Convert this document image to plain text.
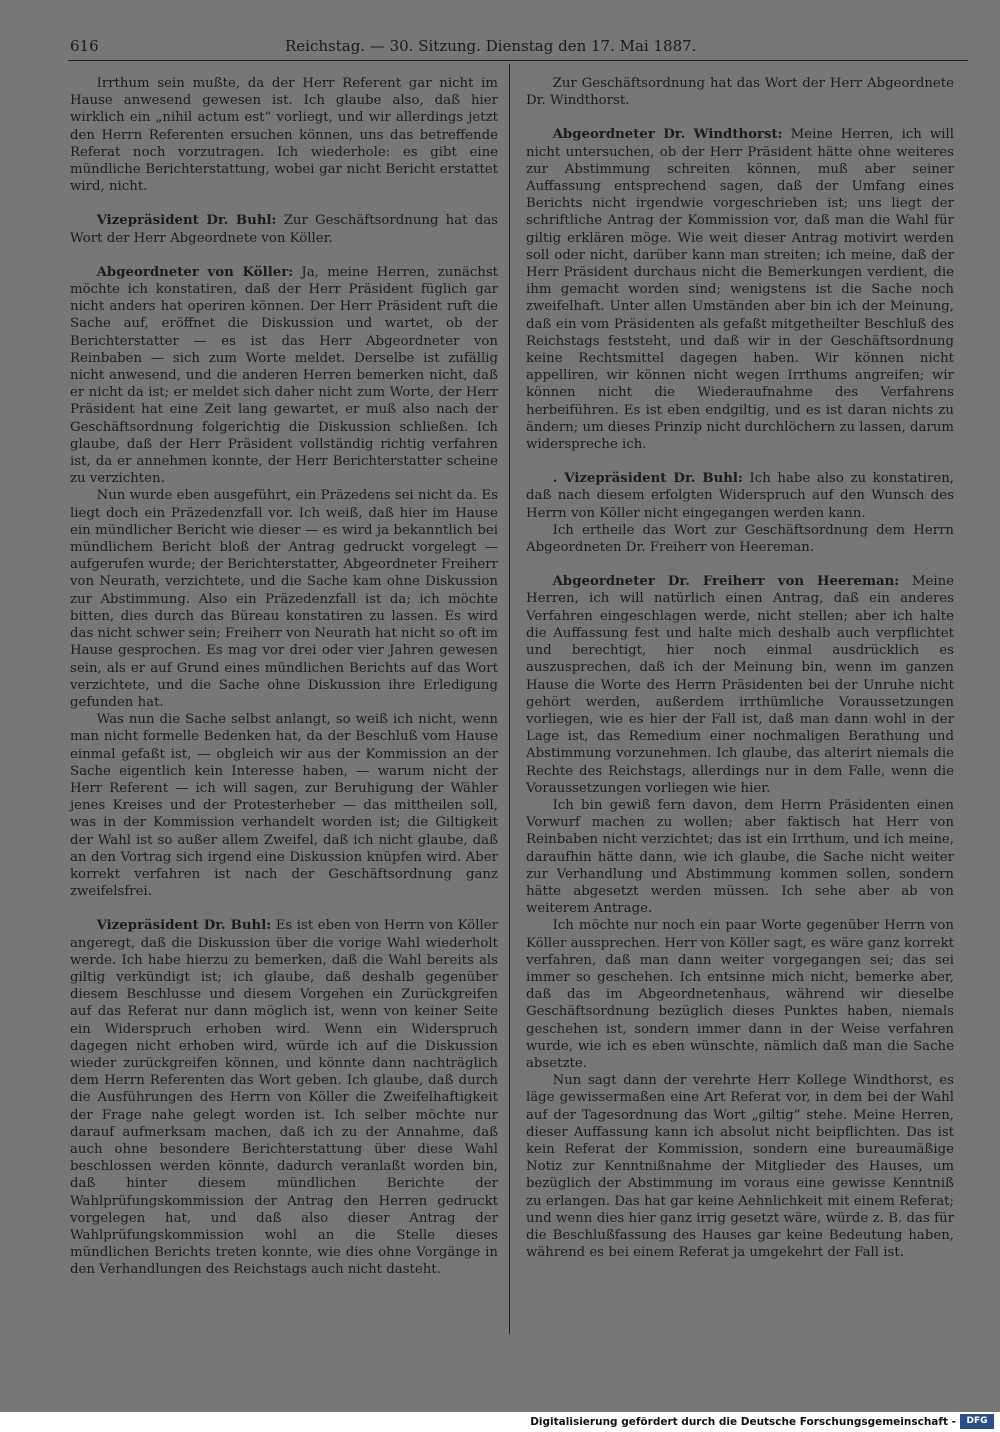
616	Reichstag. — 30. Sitzung. Dienstag den 17. Mai 1887.

Irrthum sein mußte, da der Herr Referent gar nicht im Hause anwesend gewesen ist. Ich glaube also, daß hier wirklich ein „nihil actum est“ vorliegt, und wir allerdings jetzt den Herrn Referenten ersuchen können, uns das betreffende Referat noch vorzutragen. Ich wiederhole: es gibt eine mündliche Berichterstattung, wobei gar nicht Bericht erstattet wird, nicht.

Vizepräsident Dr. Buhl: Zur Geschäftsordnung hat das Wort der Herr Abgeordnete von Köller.

Abgeordneter von Köller: Ja, meine Herren, zunächst möchte ich konstatiren, daß der Herr Präsident füglich gar nicht anders hat operiren können. Der Herr Präsident ruft die Sache auf, eröffnet die Diskussion und wartet, ob der Berichterstatter — es ist das Herr Abgeordneter von Reinbaben — sich zum Worte meldet. Derselbe ist zufällig nicht anwesend, und die anderen Herren bemerken nicht, daß er nicht da ist; er meldet sich daher nicht zum Worte, der Herr Präsident hat eine Zeit lang gewartet, er muß also nach der Geschäftsordnung folgerichtig die Diskussion schließen. Ich glaube, daß der Herr Präsident vollständig richtig verfahren ist, da er annehmen konnte, der Herr Berichterstatter scheine zu verzichten.

Nun wurde eben ausgeführt, ein Präzedens sei nicht da. Es liegt doch ein Präzedenzfall vor. Ich weiß, daß hier im Hause ein mündlicher Bericht wie dieser — es wird ja bekanntlich bei mündlichem Bericht bloß der Antrag gedruckt vorgelegt — aufgerufen wurde; der Berichterstatter, Abgeordneter Freiherr von Neurath, verzichtete, und die Sache kam ohne Diskussion zur Abstimmung. Also ein Präzedenzfall ist da; ich möchte bitten, dies durch das Büreau konstatiren zu lassen. Es wird das nicht schwer sein; Freiherr von Neurath hat nicht so oft im Hause gesprochen. Es mag vor drei oder vier Jahren gewesen sein, als er auf Grund eines mündlichen Berichts auf das Wort verzichtete, und die Sache ohne Diskussion ihre Erledigung gefunden hat.

Was nun die Sache selbst anlangt, so weiß ich nicht, wenn man nicht formelle Bedenken hat, da der Beschluß vom Hause einmal gefaßt ist, — obgleich wir aus der Kommission an der Sache eigentlich kein Interesse haben, — warum nicht der Herr Referent — ich will sagen, zur Beruhigung der Wähler jenes Kreises und der Protesterheber — das mittheilen soll, was in der Kommission verhandelt worden ist; die Giltigkeit der Wahl ist so außer allem Zweifel, daß ich nicht glaube, daß an den Vortrag sich irgend eine Diskussion knüpfen wird. Aber korrekt verfahren ist nach der Geschäftsordnung ganz zweifelsfrei.

Vizepräsident Dr. Buhl: Es ist eben von Herrn von Köller angeregt, daß die Diskussion über die vorige Wahl wiederholt werde. Ich habe hierzu zu bemerken, daß die Wahl bereits als giltig verkündigt ist; ich glaube, daß deshalb gegenüber diesem Beschlusse und diesem Vorgehen ein Zurückgreifen auf das Referat nur dann möglich ist, wenn von keiner Seite ein Widerspruch erhoben wird. Wenn ein Widerspruch dagegen nicht erhoben wird, würde ich auf die Diskussion wieder zurückgreifen können, und könnte dann nachträglich dem Herrn Referenten das Wort geben. Ich glaube, daß durch die Ausführungen des Herrn von Köller die Zweifelhaftigkeit der Frage nahe gelegt worden ist. Ich selber möchte nur darauf aufmerksam machen, daß ich zu der Annahme, daß auch ohne besondere Berichterstattung über diese Wahl beschlossen werden könnte, dadurch veranlaßt worden bin, daß hinter diesem mündlichen Berichte der Wahlprüfungskommission der Antrag den Herren gedruckt vorgelegen hat, und daß also dieser Antrag der Wahlprüfungskommission wohl an die Stelle dieses mündlichen Berichts treten konnte, wie dies ohne Vorgänge in den Verhandlungen des Reichstags auch nicht dasteht.

Zur Geschäftsordnung hat das Wort der Herr Abgeordnete Dr. Windthorst.

Abgeordneter Dr. Windthorst: Meine Herren, ich will nicht untersuchen, ob der Herr Präsident hätte ohne weiteres zur Abstimmung schreiten können, muß aber seiner Auffassung entsprechend sagen, daß der Umfang eines Berichts nicht irgendwie vorgeschrieben ist; uns liegt der schriftliche Antrag der Kommission vor, daß man die Wahl für giltig erklären möge. Wie weit dieser Antrag motivirt werden soll oder nicht, darüber kann man streiten; ich meine, daß der Herr Präsident durchaus nicht die Bemerkungen verdient, die ihm gemacht worden sind; wenigstens ist die Sache noch zweifelhaft. Unter allen Umständen aber bin ich der Meinung, daß ein vom Präsidenten als gefaßt mitgetheilter Beschluß des Reichstags feststeht, und daß wir in der Geschäftsordnung keine Rechtsmittel dagegen haben. Wir können nicht appelliren, wir können nicht wegen Irrthums angreifen; wir können nicht die Wiederaufnahme des Verfahrens herbeiführen. Es ist eben endgiltig, und es ist daran nichts zu ändern; um dieses Prinzip nicht durchlöchern zu lassen, darum widerspreche ich.

. Vizepräsident Dr. Buhl: Ich habe also zu konstatiren, daß nach diesem erfolgten Widerspruch auf den Wunsch des Herrn von Köller nicht eingegangen werden kann.

Ich ertheile das Wort zur Geschäftsordnung dem Herrn Abgeordneten Dr. Freiherr von Heereman.

Abgeordneter Dr. Freiherr von Heereman: Meine Herren, ich will natürlich einen Antrag, daß ein anderes Verfahren eingeschlagen werde, nicht stellen; aber ich halte die Auffassung fest und halte mich deshalb auch verpflichtet und berechtigt, hier noch einmal ausdrücklich es auszusprechen, daß ich der Meinung bin, wenn im ganzen Hause die Worte des Herrn Präsidenten bei der Unruhe nicht gehört werden, außerdem irrthümliche Voraussetzungen vorliegen, wie es hier der Fall ist, daß man dann wohl in der Lage ist, das Remedium einer nochmaligen Berathung und Abstimmung vorzunehmen. Ich glaube, das alterirt niemals die Rechte des Reichstags, allerdings nur in dem Falle, wenn die Voraussetzungen vorliegen wie hier.

Ich bin gewiß fern davon, dem Herrn Präsidenten einen Vorwurf machen zu wollen; aber faktisch hat Herr von Reinbaben nicht verzichtet; das ist ein Irrthum, und ich meine, daraufhin hätte dann, wie ich glaube, die Sache nicht weiter zur Verhandlung und Abstimmung kommen sollen, sondern hätte abgesetzt werden müssen. Ich sehe aber ab von weiterem Antrage.

Ich möchte nur noch ein paar Worte gegenüber Herrn von Köller aussprechen. Herr von Köller sagt, es wäre ganz korrekt verfahren, daß man dann weiter vorgegangen sei; das sei immer so geschehen. Ich entsinne mich nicht, bemerke aber, daß das im Abgeordnetenhaus, während wir dieselbe Geschäftsordnung bezüglich dieses Punktes haben, niemals geschehen ist, sondern immer dann in der Weise verfahren wurde, wie ich es eben wünschte, nämlich daß man die Sache absetzte.

Nun sagt dann der verehrte Herr Kollege Windthorst, es läge gewissermaßen eine Art Referat vor, in dem bei der Wahl auf der Tagesordnung das Wort „giltig“ stehe. Meine Herren, dieser Auffassung kann ich absolut nicht beipflichten. Das ist kein Referat der Kommission, sondern eine bureaumäßige Notiz zur Kenntnißnahme der Mitglieder des Hauses, um bezüglich der Abstimmung im voraus eine gewisse Kenntniß zu erlangen. Das hat gar keine Aehnlichkeit mit einem Referat; und wenn dies hier ganz irrig gesetzt wäre, würde z. B. das für die Beschlußfassung des Hauses gar keine Bedeutung haben, während es bei einem Referat ja umgekehrt der Fall ist.

Digitalisierung gefördert durch die Deutsche Forschungsgemeinschaft -	DFG
